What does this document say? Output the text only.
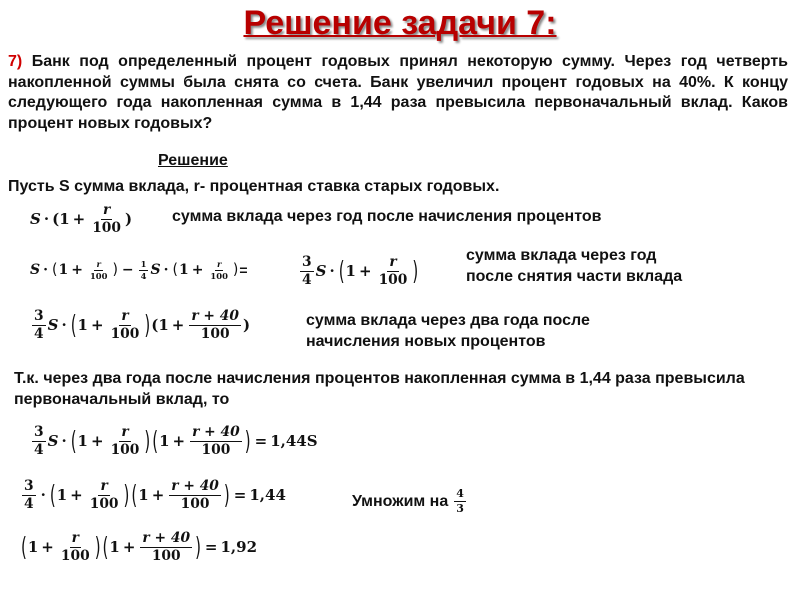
Решение задачи 7:
7) Банк под определенный процент годовых принял некоторую сумму. Через год четверть накопленной суммы была снята со счета. Банк увеличил процент годовых на 40%. К концу следующего года накопленная сумма в 1,44 раза превысила первоначальный вклад. Каков процент новых годовых?
Решение
Пусть S сумма вклада, r- процентная ставка старых годовых.
S · ( $1 + \frac{r}{100}$ ) сумма вклада через год после начисления процентов
S · ( $1 + \frac{r}{100}$ ) − $\frac{1}{4}$ S · ( $1 + \frac{r}{100}$ ) =	$\frac{3}{4}$ S · ( $1 + \frac{r}{100}$ )
сумма вклада через год
после снятия части вклада
$\frac{3}{4}$ S · ( $1 + \frac{r}{100}$ ) ( $1 + \frac{r + 40}{100}$ )	сумма вклада через два года после
начисления новых процентов
Т.к. через два года после начисления процентов накопленная сумма в 1,44 раза превысила первоначальный вклад, то
$\frac{3}{4}$ S · ( $1 + \frac{r}{100}$ ) ( $1 + \frac{r + 40}{100}$ ) = 1,44S
$\frac{3}{4}$ · ( $1 + \frac{r}{100}$ ) ( $1 + \frac{r + 40}{100}$ ) = 1,44	Умножим на $\frac{4}{3}$
( $1 + \frac{r}{100}$ ) ( $1 + \frac{r + 40}{100}$ ) = 1,92
